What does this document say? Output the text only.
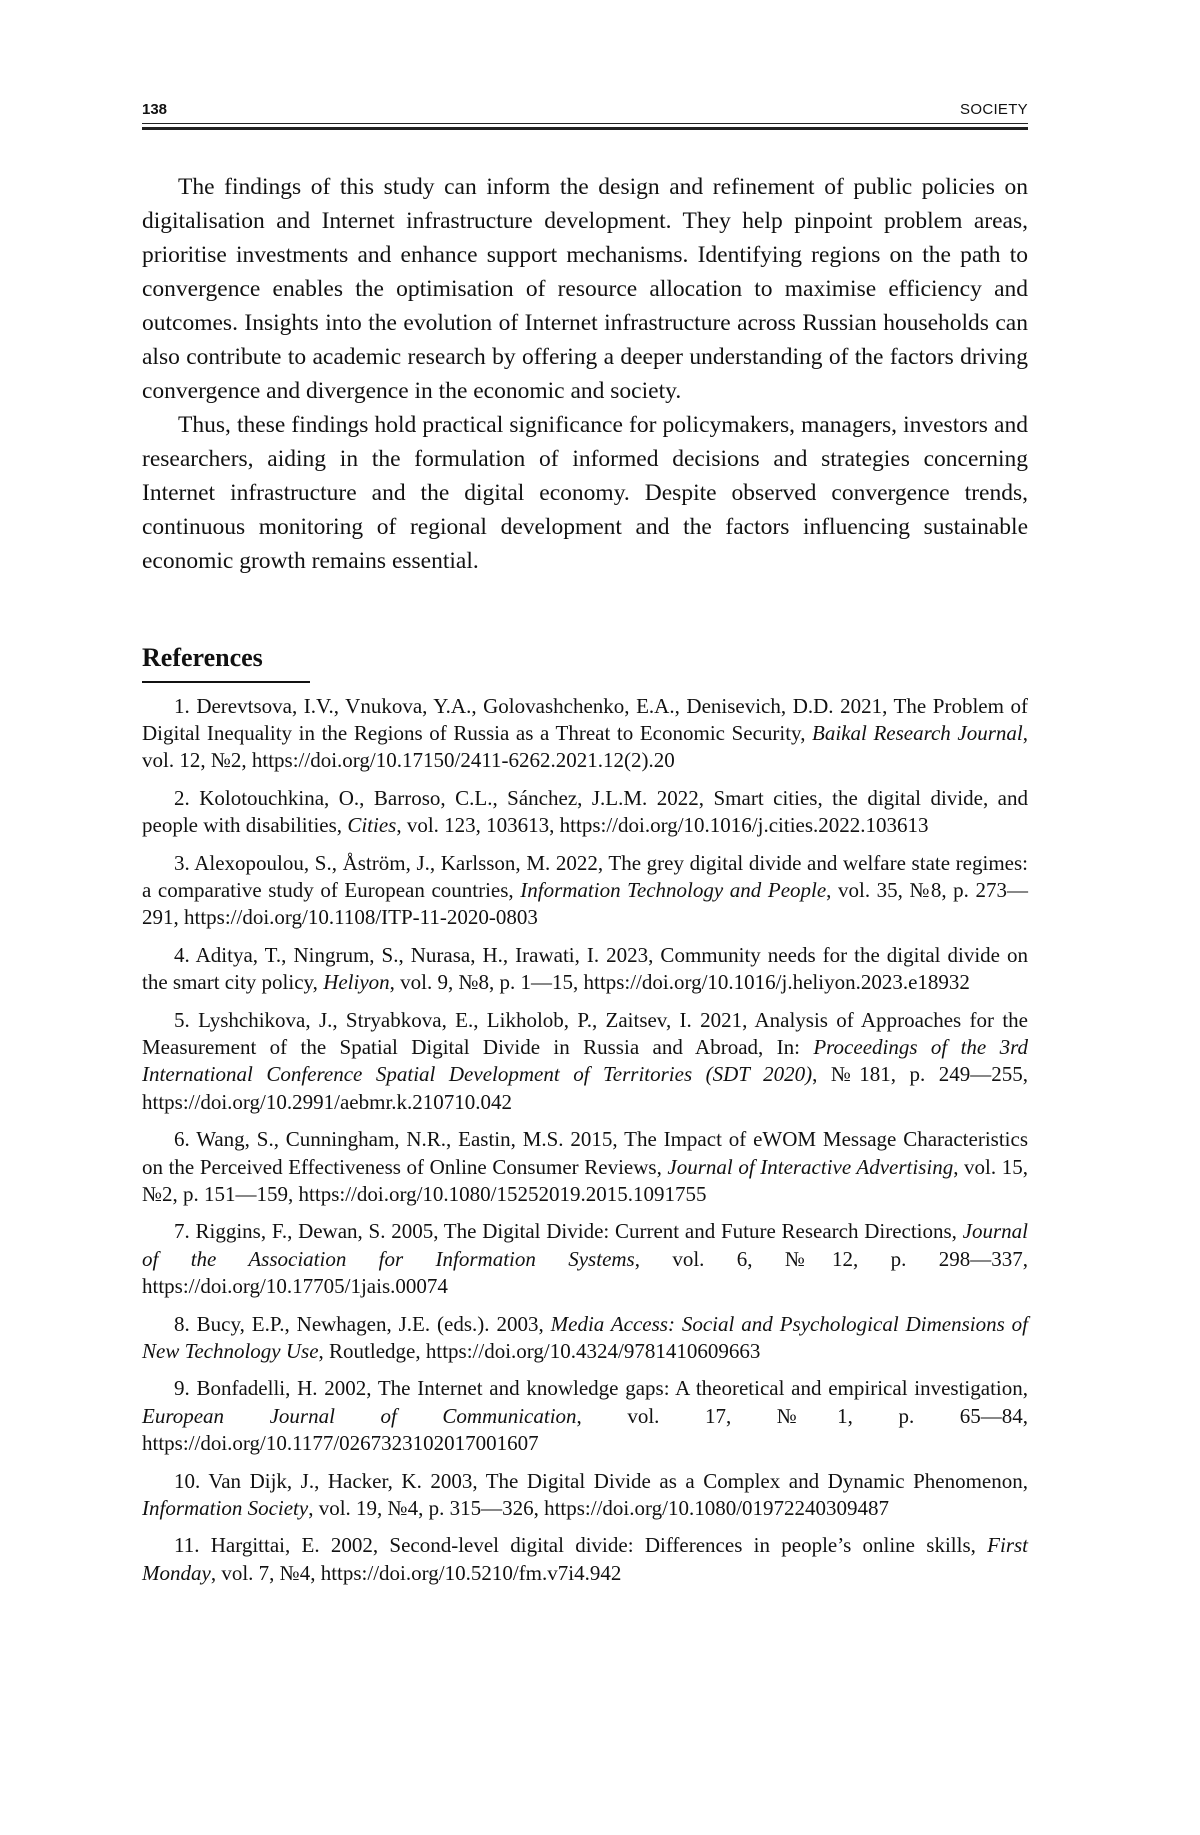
138	SOCIETY

The findings of this study can inform the design and refinement of public policies on digitalisation and Internet infrastructure development. They help pinpoint problem areas, prioritise investments and enhance support mechanisms. Identifying regions on the path to convergence enables the optimisation of resource allocation to maximise efficiency and outcomes. Insights into the evolution of Internet infrastructure across Russian households can also contribute to academic research by offering a deeper understanding of the factors driving convergence and divergence in the economic and society.

Thus, these findings hold practical significance for policymakers, managers, investors and researchers, aiding in the formulation of informed decisions and strategies concerning Internet infrastructure and the digital economy. Despite observed convergence trends, continuous monitoring of regional development and the factors influencing sustainable economic growth remains essential.

References
1. Derevtsova, I.V., Vnukova, Y.A., Golovashchenko, E.A., Denisevich, D.D. 2021, The Problem of Digital Inequality in the Regions of Russia as a Threat to Economic Security, Baikal Research Journal, vol. 12, №2, https://doi.org/10.17150/2411-6262.2021.12(2).20
2. Kolotouchkina, O., Barroso, C.L., Sánchez, J.L.M. 2022, Smart cities, the digital divide, and people with disabilities, Cities, vol. 123, 103613, https://doi.org/10.1016/j.cities.2022.103613
3. Alexopoulou, S., Åström, J., Karlsson, M. 2022, The grey digital divide and welfare state regimes: a comparative study of European countries, Information Technology and People, vol. 35, №8, p. 273—291, https://doi.org/10.1108/ITP-11-2020-0803
4. Aditya, T., Ningrum, S., Nurasa, H., Irawati, I. 2023, Community needs for the digital divide on the smart city policy, Heliyon, vol. 9, №8, p. 1—15, https://doi.org/10.1016/j.heliyon.2023.e18932
5. Lyshchikova, J., Stryabkova, E., Likholob, P., Zaitsev, I. 2021, Analysis of Approaches for the Measurement of the Spatial Digital Divide in Russia and Abroad, In: Proceedings of the 3rd International Conference Spatial Development of Territories (SDT 2020), №181, p. 249—255, https://doi.org/10.2991/aebmr.k.210710.042
6. Wang, S., Cunningham, N.R., Eastin, M.S. 2015, The Impact of eWOM Message Characteristics on the Perceived Effectiveness of Online Consumer Reviews, Journal of Interactive Advertising, vol. 15, №2, p. 151—159, https://doi.org/10.1080/15252019.2015.1091755
7. Riggins, F., Dewan, S. 2005, The Digital Divide: Current and Future Research Directions, Journal of the Association for Information Systems, vol. 6, №12, p. 298—337, https://doi.org/10.17705/1jais.00074
8. Bucy, E.P., Newhagen, J.E. (eds.). 2003, Media Access: Social and Psychological Dimensions of New Technology Use, Routledge, https://doi.org/10.4324/9781410609663
9. Bonfadelli, H. 2002, The Internet and knowledge gaps: A theoretical and empirical investigation, European Journal of Communication, vol. 17, №1, p. 65—84, https://doi.org/10.1177/0267323102017001607
10. Van Dijk, J., Hacker, K. 2003, The Digital Divide as a Complex and Dynamic Phenomenon, Information Society, vol. 19, №4, p. 315—326, https://doi.org/10.1080/01972240309487
11. Hargittai, E. 2002, Second-level digital divide: Differences in people’s online skills, First Monday, vol. 7, №4, https://doi.org/10.5210/fm.v7i4.942
